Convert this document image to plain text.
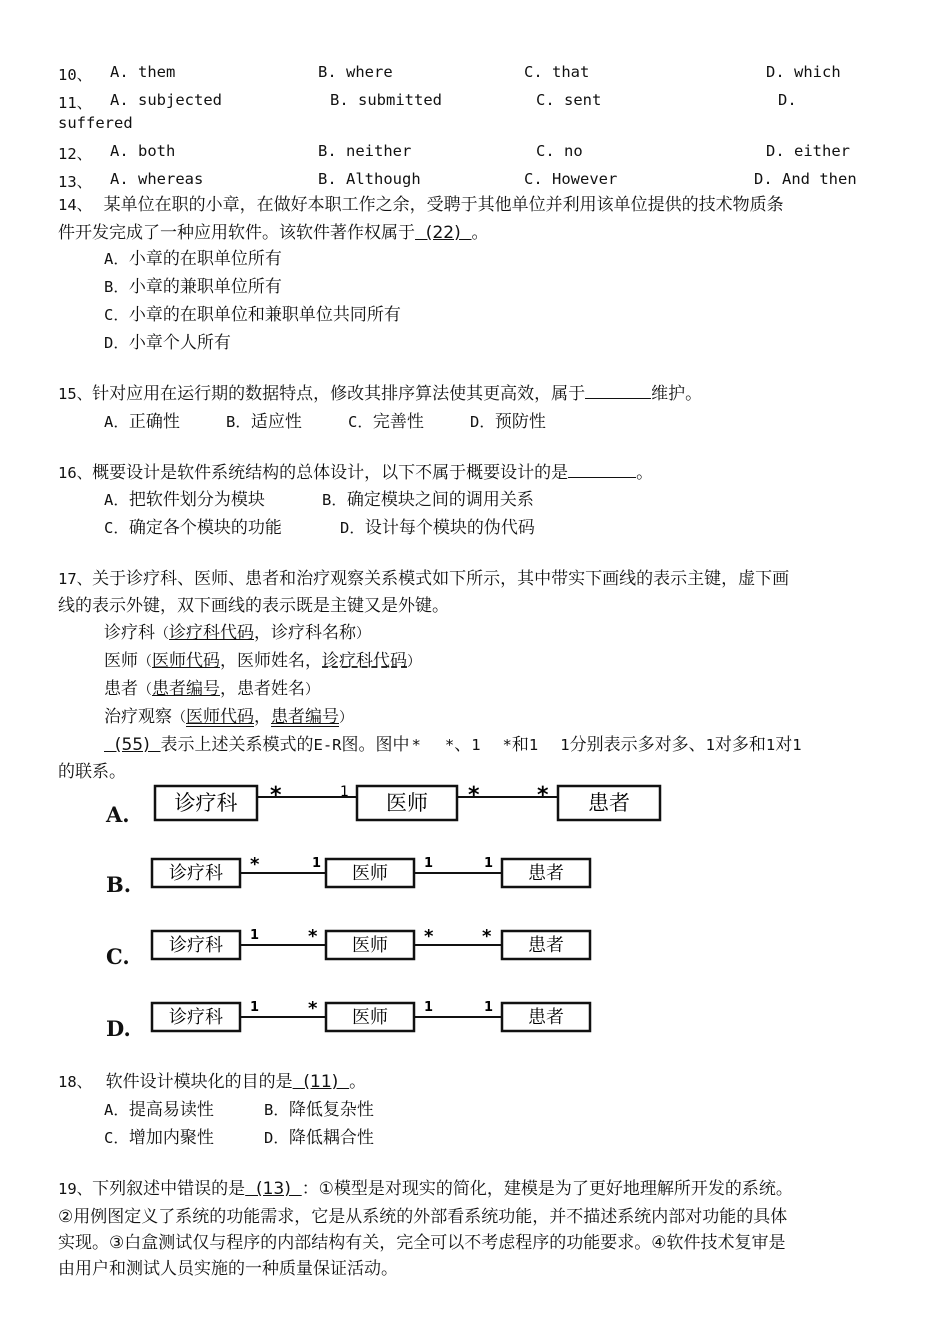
10、 A. them	B. where	C. that	D. which
11、 A. subjected	B. submitted	C. sent	D.
suffered
12、 A. both	B. neither	C. no	D. either
13、 A. whereas	B. Although	C. However	D. And then
14、 某单位在职的小章，在做好本职工作之余，受聘于其他单位并利用该单位提供的技术物质条
件开发完成了一种应用软件。该软件著作权属于  (22)  。
A．小章的在职单位所有
B．小章的兼职单位所有
C．小章的在职单位和兼职单位共同所有
D．小章个人所有
15、针对应用在运行期的数据特点，修改其排序算法使其更高效，属于	维护。
A．正确性	B．适应性	C．完善性	D．预防性
16、概要设计是软件系统结构的总体设计，以下不属于概要设计的是	。
A．把软件划分为模块	B．确定模块之间的调用关系
C．确定各个模块的功能	D．设计每个模块的伪代码
17、关于诊疗科、医师、患者和治疗观察关系模式如下所示，其中带实下画线的表示主键，虚下画
线的表示外键，双下画线的表示既是主键又是外键。
诊疗科（诊疗科代码，诊疗科名称）
医师（医师代码，医师姓名，诊疗科代码）
患者（患者编号，患者姓名）
治疗观察（医师代码，患者编号）
(55)  表示上述关系模式的E-R图。图中 * *、1 *和1 1分别表示多对多、1对多和1对1
的联系。
A. 诊疗科 *	1 医师 *	* 患者
B. 诊疗科 *	1 医师	1	1 患者
C. 诊疗科 1	* 医师 *	* 患者
D. 诊疗科 1	* 医师	1	1 患者
18、 软件设计模块化的目的是  (11)  。
A．提高易读性	B．降低复杂性
C．增加内聚性	D．降低耦合性
19、下列叙述中错误的是  (13)  ：①模型是对现实的简化，建模是为了更好地理解所开发的系统。
②用例图定义了系统的功能需求，它是从系统的外部看系统功能，并不描述系统内部对功能的具体
实现。③白盒测试仅与程序的内部结构有关，完全可以不考虑程序的功能要求。④软件技术复审是
由用户和测试人员实施的一种质量保证活动。
